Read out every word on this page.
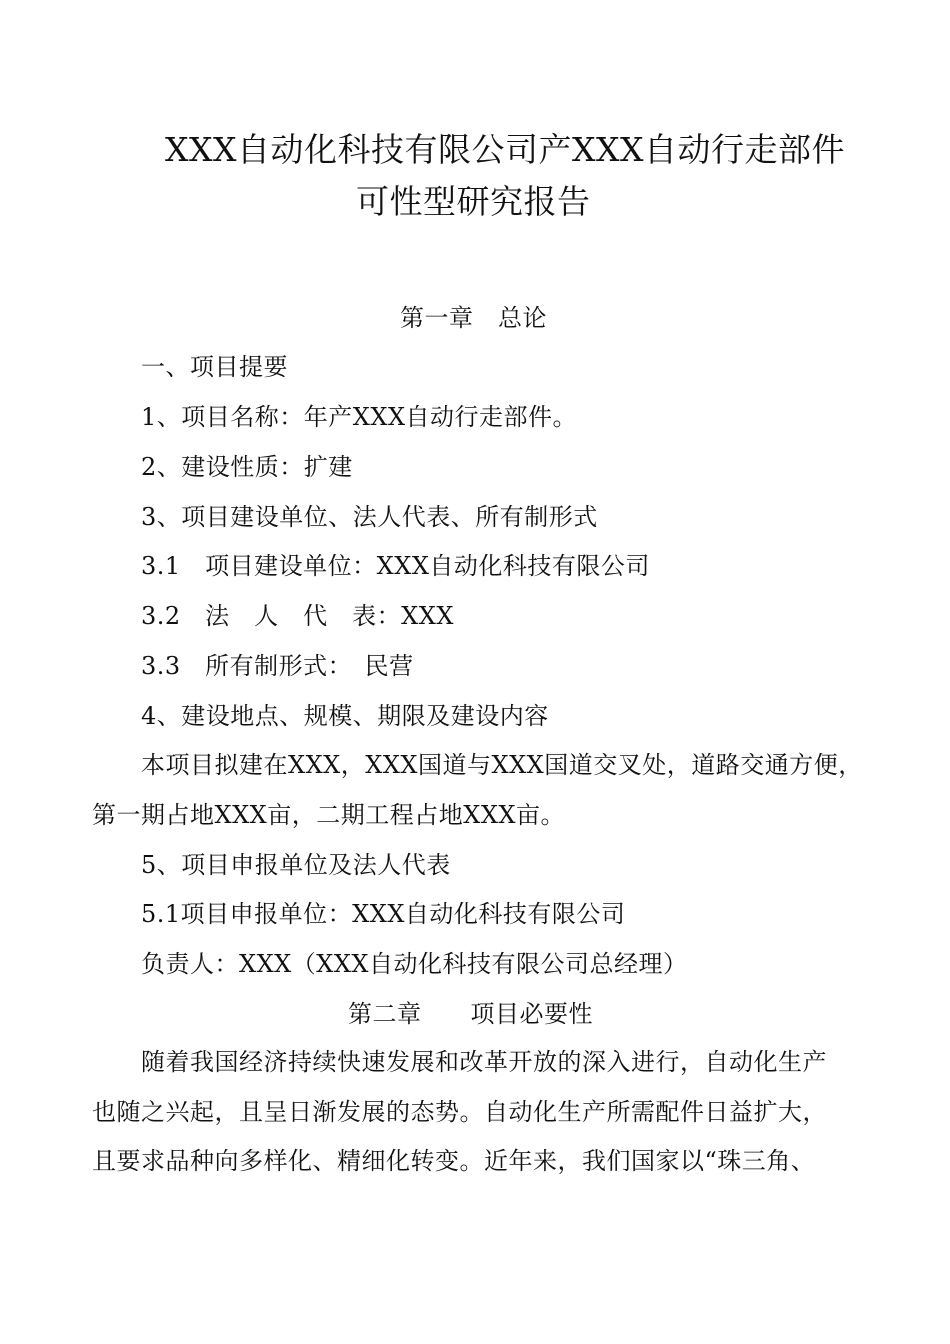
XXX自动化科技有限公司产XXX自动行走部件
可性型研究报告
第一章　总论
一、项目提要
1、项目名称：年产XXX自动行走部件。
2、建设性质：扩建
3、项目建设单位、法人代表、所有制形式
3.1　项目建设单位：XXX自动化科技有限公司
3.2　法　人　代　表：XXX
3.3　所有制形式：　民营
4、建设地点、规模、期限及建设内容
本项目拟建在XXX，XXX国道与XXX国道交叉处，道路交通方便，
第一期占地XXX亩，二期工程占地XXX亩。
5、项目申报单位及法人代表
5.1项目申报单位：XXX自动化科技有限公司
负责人：XXX（XXX自动化科技有限公司总经理）
第二章　　项目必要性
随着我国经济持续快速发展和改革开放的深入进行，自动化生产
也随之兴起，且呈日渐发展的态势。自动化生产所需配件日益扩大，
且要求品种向多样化、精细化转变。近年来，我们国家以“珠三角、
